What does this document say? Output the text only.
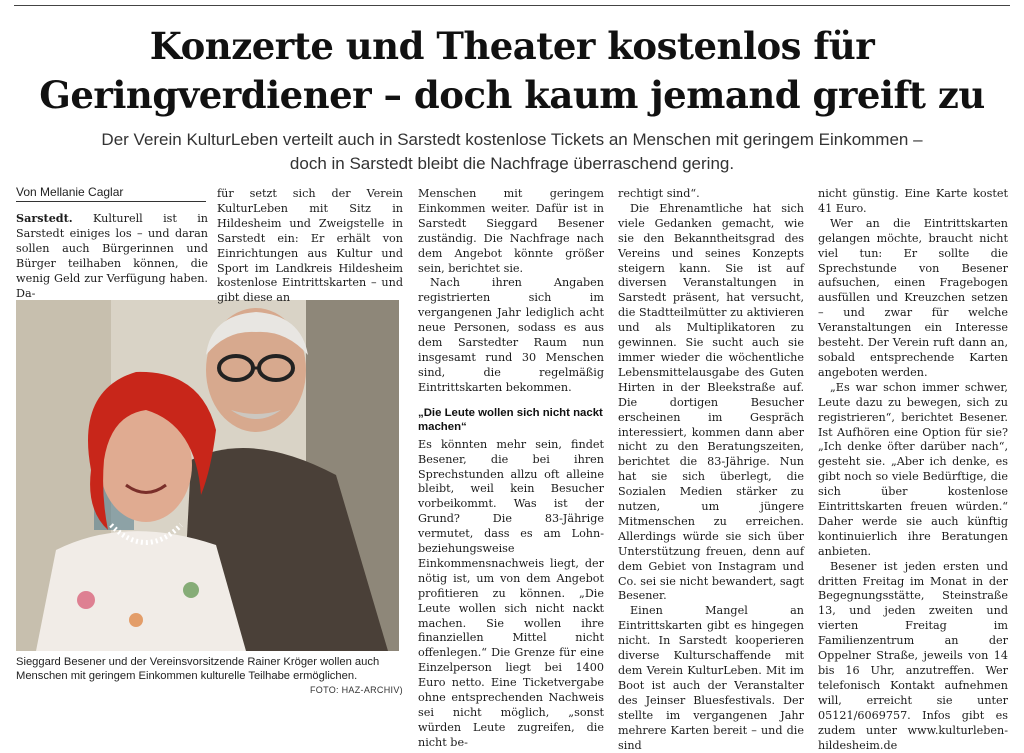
Konzerte und Theater kostenlos für
Geringverdiener – doch kaum jemand greift zu
Der Verein KulturLeben verteilt auch in Sarstedt kostenlose Tickets an Menschen mit geringem Einkommen –
doch in Sarstedt bleibt die Nachfrage überraschend gering.
Von Mellanie Caglar

Sarstedt. Kulturell ist in Sarstedt einiges los – und daran sollen auch Bürgerinnen und Bürger teilhaben können, die wenig Geld zur Verfügung haben. Da-

Sieggard Besener und der Vereinsvorsitzende Rainer Kröger wollen auch Menschen mit geringem Einkommen kulturelle Teilhabe ermöglichen.
FOTO: HAZ-ARCHIV)

für setzt sich der Verein KulturLeben mit Sitz in Hildesheim und Zweigstelle in Sarstedt ein: Er erhält von Einrichtungen aus Kultur und Sport im Landkreis Hildesheim kostenlose Eintrittskarten – und gibt diese an

Menschen mit geringem Einkommen weiter. Dafür ist in Sarstedt Sieggard Besener zuständig. Die Nachfrage nach dem Angebot könnte größer sein, berichtet sie.

Nach ihren Angaben registrierten sich im vergangenen Jahr lediglich acht neue Personen, sodass es aus dem Sarstedter Raum nun insgesamt rund 30 Menschen sind, die regelmäßig Eintrittskarten bekommen.

„Die Leute wollen sich nicht nackt machen“

Es könnten mehr sein, findet Besener, die bei ihren Sprechstunden allzu oft alleine bleibt, weil kein Besucher vorbeikommt. Was ist der Grund? Die 83-Jährige vermutet, dass es am Lohn- beziehungsweise Einkommensnachweis liegt, der nötig ist, um von dem Angebot profitieren zu können. „Die Leute wollen sich nicht nackt machen. Sie wollen ihre finanziellen Mittel nicht offenlegen.“ Die Grenze für eine Einzelperson liegt bei 1400 Euro netto. Eine Ticketvergabe ohne entsprechenden Nachweis sei nicht möglich, „sonst würden Leute zugreifen, die nicht be-

rechtigt sind“.

Die Ehrenamtliche hat sich viele Gedanken gemacht, wie sie den Bekanntheitsgrad des Vereins und seines Konzepts steigern kann. Sie ist auf diversen Veranstaltungen in Sarstedt präsent, hat versucht, die Stadtteilmütter zu aktivieren und als Multiplikatoren zu gewinnen. Sie sucht auch sie immer wieder die wöchentliche Lebensmittelausgabe des Guten Hirten in der Bleekstraße auf. Die dortigen Besucher erscheinen im Gespräch interessiert, kommen dann aber nicht zu den Beratungszeiten, berichtet die 83-Jährige. Nun hat sie sich überlegt, die Sozialen Medien stärker zu nutzen, um jüngere Mitmenschen zu erreichen. Allerdings würde sie sich über Unterstützung freuen, denn auf dem Gebiet von Instagram und Co. sei sie nicht bewandert, sagt Besener.

Einen Mangel an Eintrittskarten gibt es hingegen nicht. In Sarstedt kooperieren diverse Kulturschaffende mit dem Verein KulturLeben. Mit im Boot ist auch der Veranstalter des Jeinser Bluesfestivals. Der stellte im vergangenen Jahr mehrere Karten bereit – und die sind

nicht günstig. Eine Karte kostet 41 Euro.

Wer an die Eintrittskarten gelangen möchte, braucht nicht viel tun: Er sollte die Sprechstunde von Besener aufsuchen, einen Fragebogen ausfüllen und Kreuzchen setzen – und zwar für welche Veranstaltungen ein Interesse besteht. Der Verein ruft dann an, sobald entsprechende Karten angeboten werden.

„Es war schon immer schwer, Leute dazu zu bewegen, sich zu registrieren“, berichtet Besener. Ist Aufhören eine Option für sie? „Ich denke öfter darüber nach“, gesteht sie. „Aber ich denke, es gibt noch so viele Bedürftige, die sich über kostenlose Eintrittskarten freuen würden.“ Daher werde sie auch künftig kontinuierlich ihre Beratungen anbieten.

Besener ist jeden ersten und dritten Freitag im Monat in der Begegnungsstätte, Steinstraße 13, und jeden zweiten und vierten Freitag im Familienzentrum an der Oppelner Straße, jeweils von 14 bis 16 Uhr, anzutreffen. Wer telefonisch Kontakt aufnehmen will, erreicht sie unter 05121/6069757. Infos gibt es zudem unter www.kulturleben-hildesheim.de
